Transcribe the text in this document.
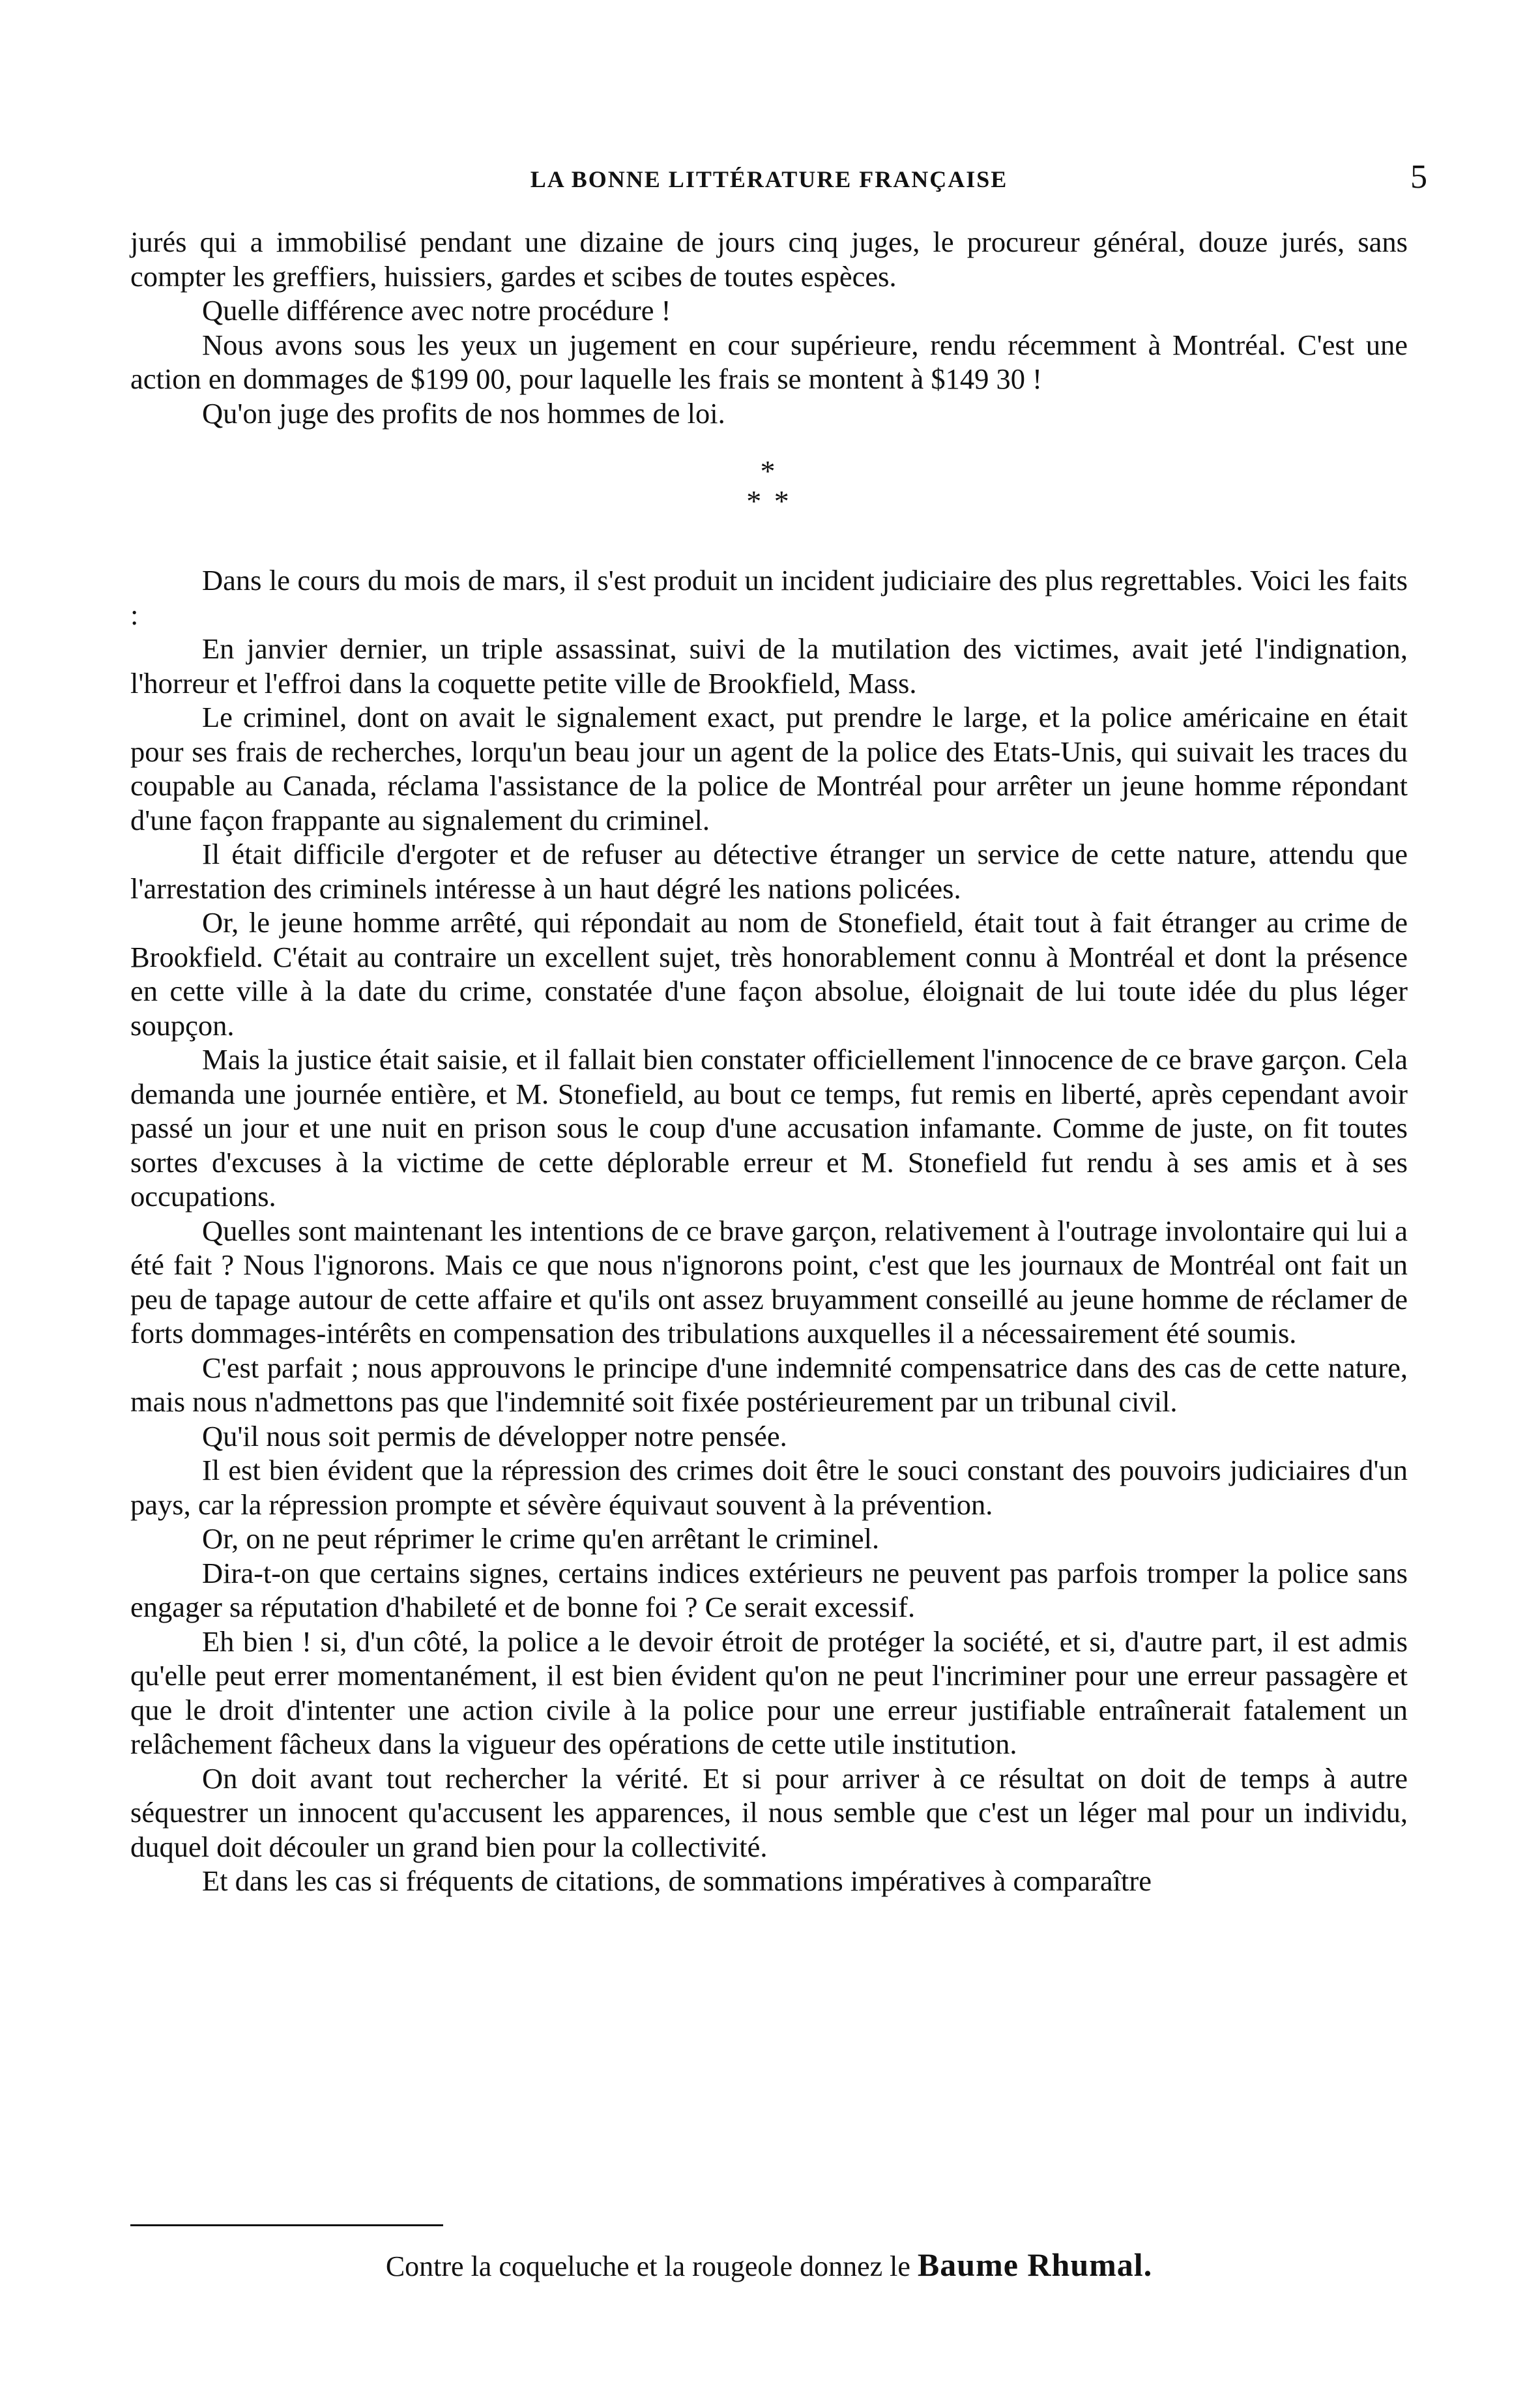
LA BONNE LITTÉRATURE FRANÇAISE	5

jurés qui a immobilisé pendant une dizaine de jours cinq juges, le procureur général, douze jurés, sans compter les greffiers, huissiers, gardes et scibes de toutes espèces.

Quelle différence avec notre procédure !

Nous avons sous les yeux un jugement en cour supérieure, rendu récemment à Montréal. C'est une action en dommages de $199 00, pour laquelle les frais se montent à $149 30 !

Qu'on juge des profits de nos hommes de loi.

*
* *

Dans le cours du mois de mars, il s'est produit un incident judiciaire des plus regrettables. Voici les faits :

En janvier dernier, un triple assassinat, suivi de la mutilation des victimes, avait jeté l'indignation, l'horreur et l'effroi dans la coquette petite ville de Brookfield, Mass.

Le criminel, dont on avait le signalement exact, put prendre le large, et la police américaine en était pour ses frais de recherches, lorqu'un beau jour un agent de la police des Etats-Unis, qui suivait les traces du coupable au Canada, réclama l'assistance de la police de Montréal pour arrêter un jeune homme répondant d'une façon frappante au signalement du criminel.

Il était difficile d'ergoter et de refuser au détective étranger un service de cette nature, attendu que l'arrestation des criminels intéresse à un haut dégré les nations policées.

Or, le jeune homme arrêté, qui répondait au nom de Stonefield, était tout à fait étranger au crime de Brookfield. C'était au contraire un excellent sujet, très honorablement connu à Montréal et dont la présence en cette ville à la date du crime, constatée d'une façon absolue, éloignait de lui toute idée du plus léger soupçon.

Mais la justice était saisie, et il fallait bien constater officiellement l'innocence de ce brave garçon. Cela demanda une journée entière, et M. Stonefield, au bout ce temps, fut remis en liberté, après cependant avoir passé un jour et une nuit en prison sous le coup d'une accusation infamante. Comme de juste, on fit toutes sortes d'excuses à la victime de cette déplorable erreur et M. Stonefield fut rendu à ses amis et à ses occupations.

Quelles sont maintenant les intentions de ce brave garçon, relativement à l'outrage involontaire qui lui a été fait ? Nous l'ignorons. Mais ce que nous n'ignorons point, c'est que les journaux de Montréal ont fait un peu de tapage autour de cette affaire et qu'ils ont assez bruyamment conseillé au jeune homme de réclamer de forts dommages-intérêts en compensation des tribulations auxquelles il a nécessairement été soumis.

C'est parfait ; nous approuvons le principe d'une indemnité compensatrice dans des cas de cette nature, mais nous n'admettons pas que l'indemnité soit fixée postérieurement par un tribunal civil.

Qu'il nous soit permis de développer notre pensée.

Il est bien évident que la répression des crimes doit être le souci constant des pouvoirs judiciaires d'un pays, car la répression prompte et sévère équivaut souvent à la prévention.

Or, on ne peut réprimer le crime qu'en arrêtant le criminel.

Dira-t-on que certains signes, certains indices extérieurs ne peuvent pas parfois tromper la police sans engager sa réputation d'habileté et de bonne foi ? Ce serait excessif.

Eh bien ! si, d'un côté, la police a le devoir étroit de protéger la société, et si, d'autre part, il est admis qu'elle peut errer momentanément, il est bien évident qu'on ne peut l'incriminer pour une erreur passagère et que le droit d'intenter une action civile à la police pour une erreur justifiable entraînerait fatalement un relâchement fâcheux dans la vigueur des opérations de cette utile institution.

On doit avant tout rechercher la vérité. Et si pour arriver à ce résultat on doit de temps à autre séquestrer un innocent qu'accusent les apparences, il nous semble que c'est un léger mal pour un individu, duquel doit découler un grand bien pour la collectivité.

Et dans les cas si fréquents de citations, de sommations impératives à comparaître

Contre la coqueluche et la rougeole donnez le Baume Rhumal.
